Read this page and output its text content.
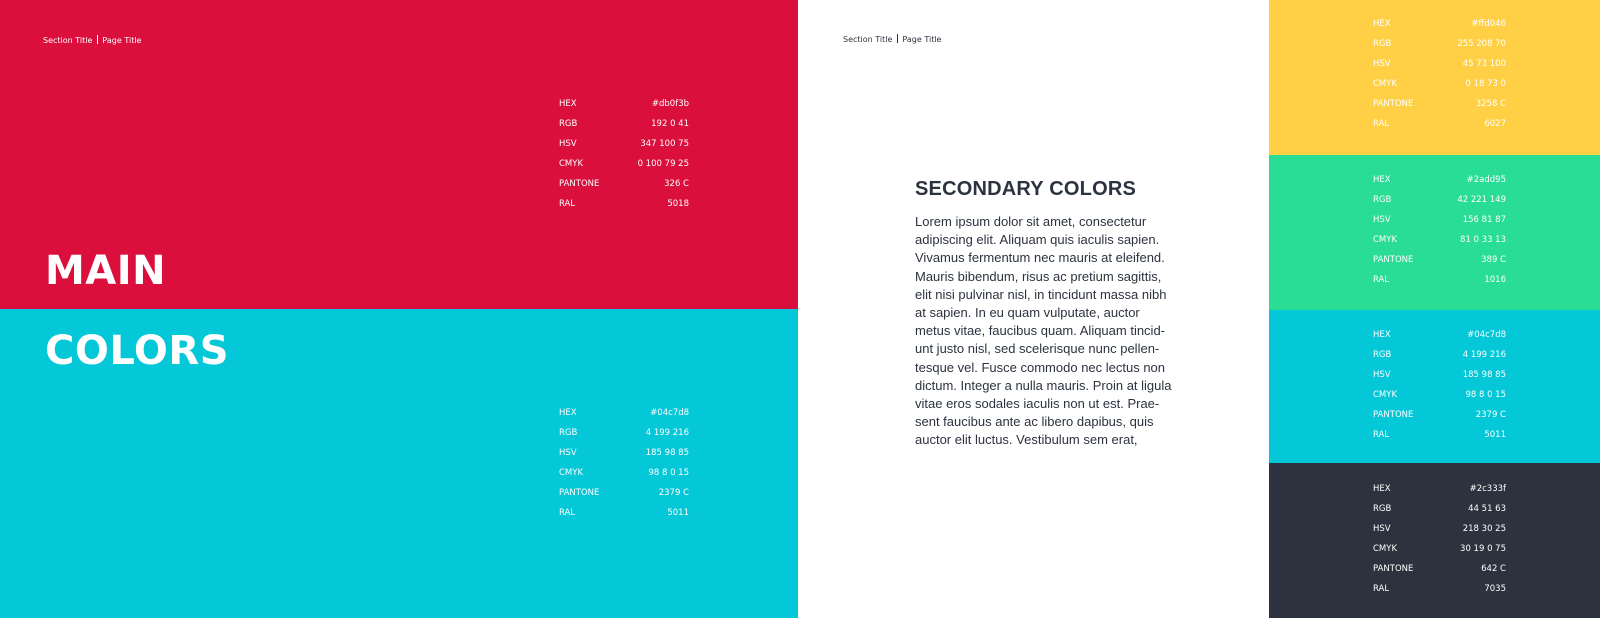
Section Title Page Title
HEX	#db0f3b
RGB	192 0 41
HSV	347 100 75
CMYK	0 100 79 25
PANTONE	326 C
RAL	5018
MAIN
COLORS
HEX	#04c7d8
RGB	4 199 216
HSV	185 98 85
CMYK	98 8 0 15
PANTONE	2379 C
RAL	5011
Section Title Page Title
SECONDARY COLORS
Lorem ipsum dolor sit amet, consectetur
adipiscing elit. Aliquam quis iaculis sapien.
Vivamus fermentum nec mauris at eleifend.
Mauris bibendum, risus ac pretium sagittis,
elit nisi pulvinar nisl, in tincidunt massa nibh
at sapien. In eu quam vulputate, auctor
metus vitae, faucibus quam. Aliquam tincid-
unt justo nisl, sed scelerisque nunc pellen-
tesque vel. Fusce commodo nec lectus non
dictum. Integer a nulla mauris. Proin at ligula
vitae eros sodales iaculis non ut est. Prae-
sent faucibus ante ac libero dapibus, quis
auctor elit luctus. Vestibulum sem erat,
HEX	#ffd046
RGB	255 208 70
HSV	45 73 100
CMYK	0 18 73 0
PANTONE	3258 C
RAL	6027
HEX	#2add95
RGB	42 221 149
HSV	156 81 87
CMYK	81 0 33 13
PANTONE	389 C
RAL	1016
HEX	#04c7d8
RGB	4 199 216
HSV	185 98 85
CMYK	98 8 0 15
PANTONE	2379 C
RAL	5011
HEX	#2c333f
RGB	44 51 63
HSV	218 30 25
CMYK	30 19 0 75
PANTONE	642 C
RAL	7035
